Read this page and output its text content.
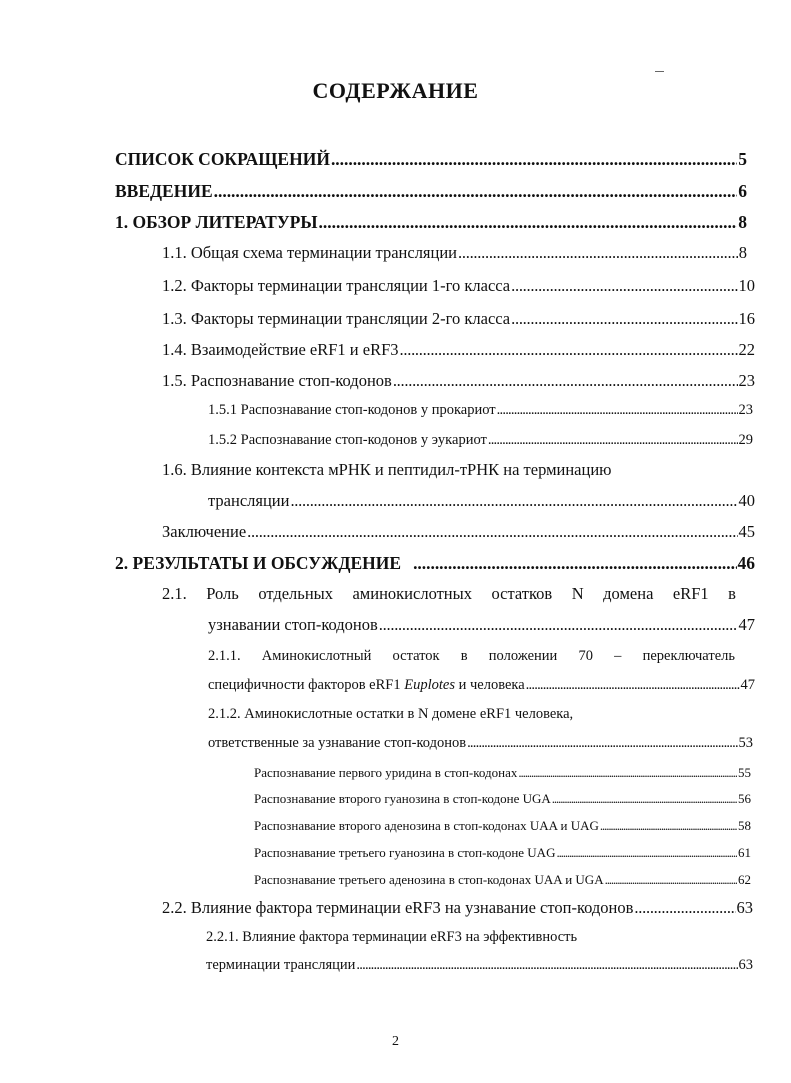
СОДЕРЖАНИЕ
СПИСОК СОКРАЩЕНИЙ . . .	5
ВВЕДЕНИЕ . . .	6
1. ОБЗОР ЛИТЕРАТУРЫ . . .	8
1.1. Общая схема терминации трансляции . . .	8
1.2. Факторы терминации трансляции 1-го класса . . .	10
1.3. Факторы терминации трансляции 2-го класса . . .	16
1.4. Взаимодействие eRF1 и eRF3 . . .	22
1.5. Распознавание стоп-кодонов . . .	23
1.5.1 Распознавание стоп-кодонов у прокариот . . .	23
1.5.2 Распознавание стоп-кодонов у эукариот . . .	29
1.6. Влияние контекста мРНК и пептидил-тРНК на терминацию
трансляции . . .	40
Заключение . . .	45
2. РЕЗУЛЬТАТЫ И ОБСУЖДЕНИЕ . . .	46
2.1. Роль отдельных аминокислотных остатков N домена eRF1 в
узнавании стоп-кодонов . . .	47
2.1.1. Аминокислотный остаток в положении 70 – переключатель
специфичности факторов eRF1 Euplotes и человека . . .	47
2.1.2. Аминокислотные остатки в N домене eRF1 человека,
ответственные за узнавание стоп-кодонов . . .	53
Распознавание первого уридина в стоп-кодонах . . .	55
Распознавание второго гуанозина в стоп-кодоне UGA . . .	56
Распознавание второго аденозина в стоп-кодонах UAA и UAG . . .	58
Распознавание третьего гуанозина в стоп-кодоне UAG . . .	61
Распознавание третьего аденозина в стоп-кодонах UAA и UGA . . .	62
2.2. Влияние фактора терминации eRF3 на узнавание стоп-кодонов . . .	63
2.2.1. Влияние фактора терминации eRF3 на эффективность
терминации трансляции . . .	63
2
